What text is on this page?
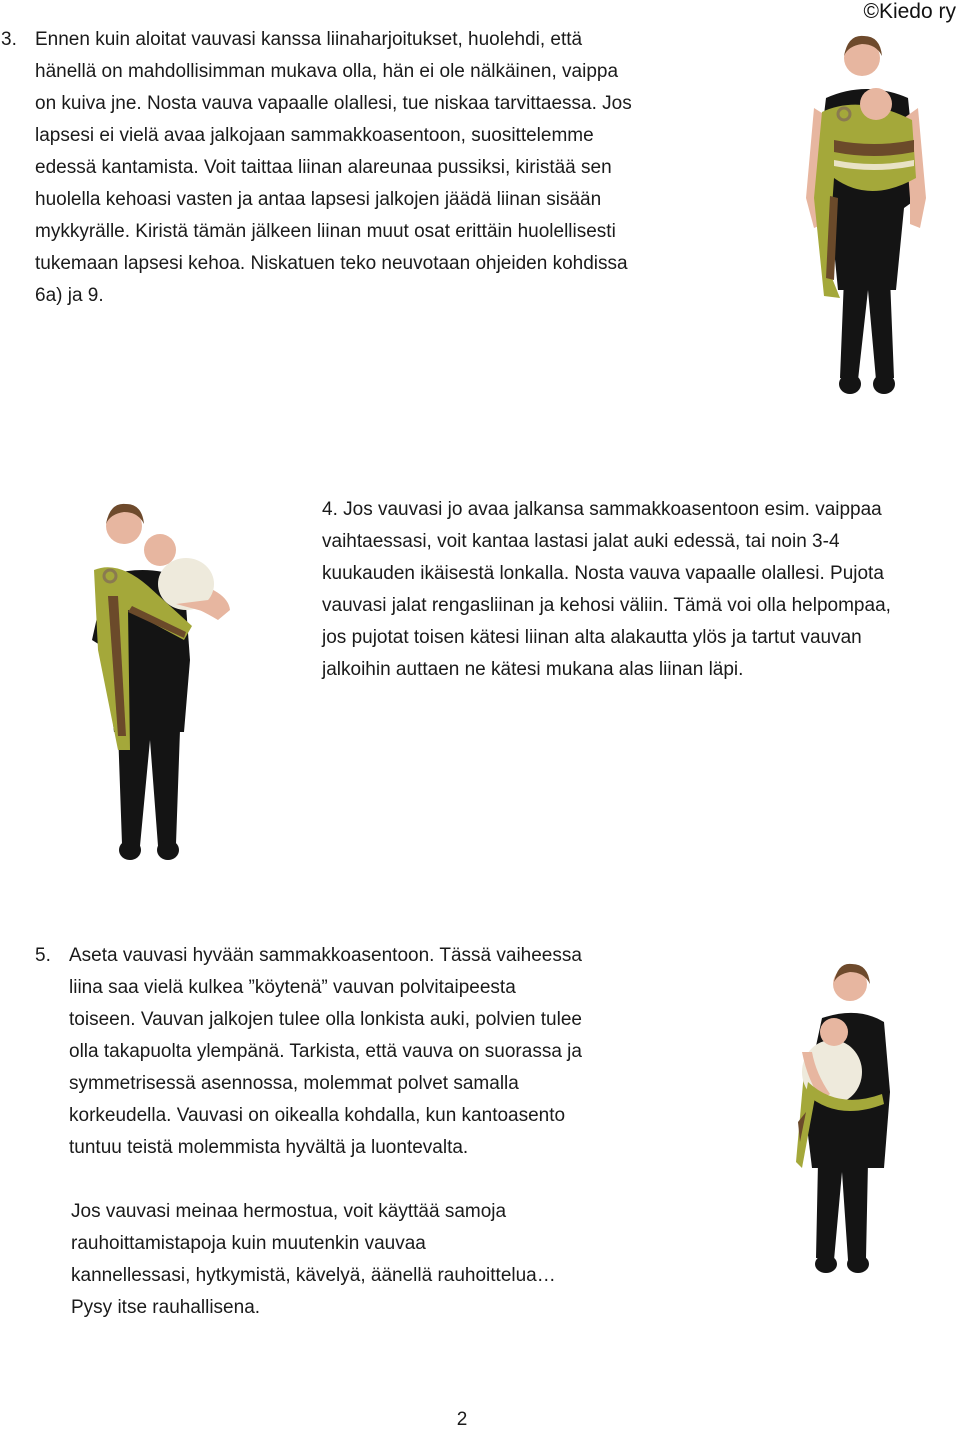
©Kiedo ry
3. Ennen kuin aloitat vauvasi kanssa liinaharjoitukset, huolehdi, että
hänellä on mahdollisimman mukava olla, hän ei ole nälkäinen, vaippa
on kuiva jne. Nosta vauva vapaalle olallesi, tue niskaa tarvittaessa. Jos
lapsesi ei vielä avaa jalkojaan sammakkoasentoon, suosittelemme
edessä kantamista. Voit taittaa liinan alareunaa pussiksi, kiristää sen
huolella kehoasi vasten ja antaa lapsesi jalkojen jäädä liinan sisään
mykkyrälle. Kiristä tämän jälkeen liinan muut osat erittäin huolellisesti
tukemaan lapsesi kehoa. Niskatuen teko neuvotaan ohjeiden kohdissa
6a) ja 9.
4. Jos vauvasi jo avaa jalkansa sammakkoasentoon esim. vaippaa
vaihtaessasi, voit kantaa lastasi jalat auki edessä, tai noin 3-4
kuukauden ikäisestä lonkalla. Nosta vauva vapaalle olallesi. Pujota
vauvasi jalat rengasliinan ja kehosi väliin. Tämä voi olla helpompaa,
jos pujotat toisen kätesi liinan alta alakautta ylös ja tartut vauvan
jalkoihin auttaen ne kätesi mukana alas liinan läpi.
5. Aseta vauvasi hyvään sammakkoasentoon. Tässä vaiheessa
liina saa vielä kulkea ”köytenä” vauvan polvitaipeesta
toiseen. Vauvan jalkojen tulee olla lonkista auki, polvien tulee
olla takapuolta ylempänä. Tarkista, että vauva on suorassa ja
symmetrisessä asennossa, molemmat polvet samalla
korkeudella. Vauvasi on oikealla kohdalla, kun kantoasento
tuntuu teistä molemmista hyvältä ja luontevalta.
Jos vauvasi meinaa hermostua, voit käyttää samoja
rauhoittamistapoja kuin muutenkin vauvaa
kannellessasi, hytkymistä, kävelyä, äänellä rauhoittelua…
Pysy itse rauhallisena.
2
